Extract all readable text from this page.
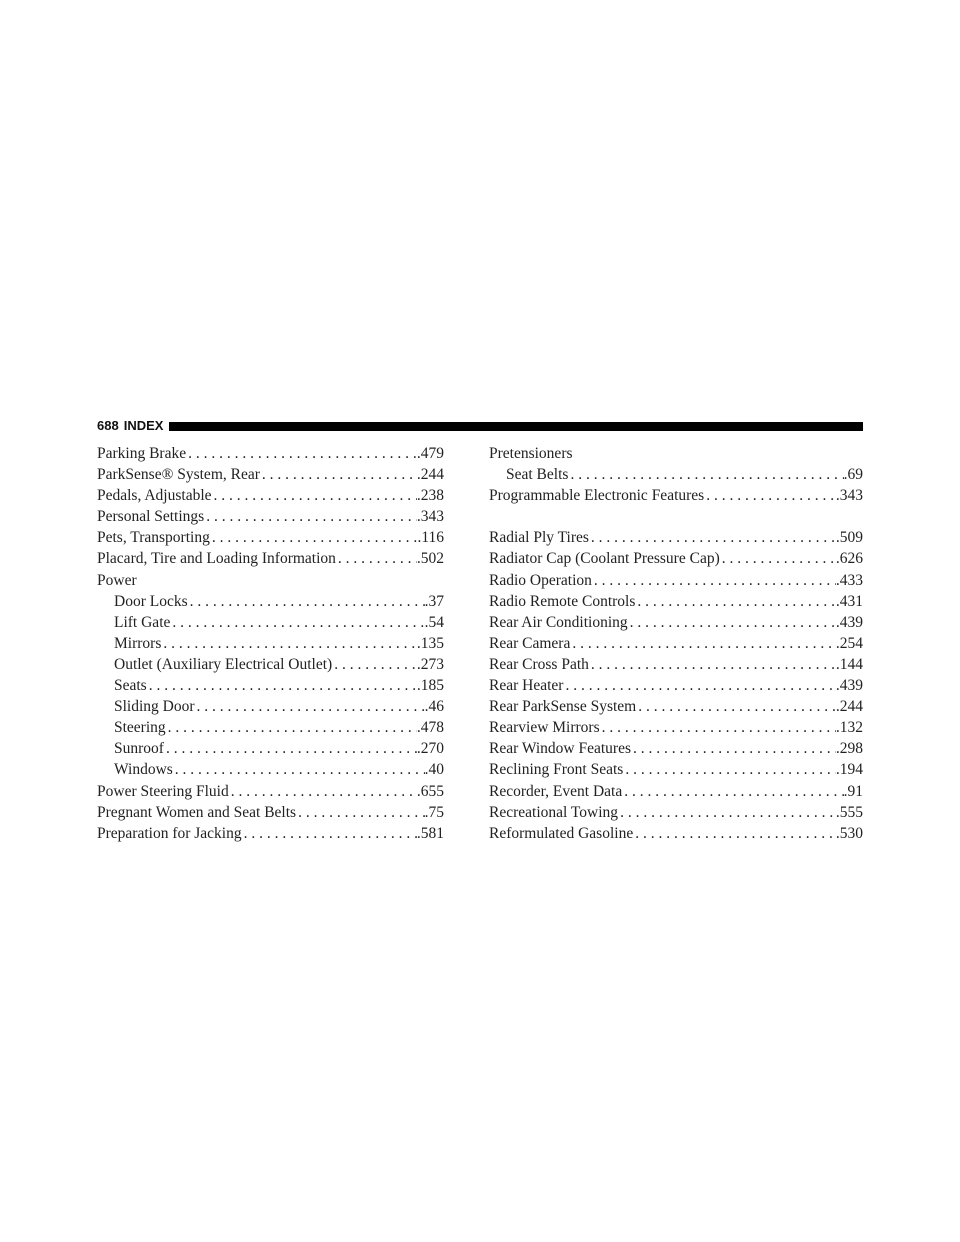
688 INDEX
Parking Brake . . .	.479
ParkSense® System, Rear . . .	.244
Pedals, Adjustable . . .	.238
Personal Settings . . .	.343
Pets, Transporting . . .	.116
Placard, Tire and Loading Information . . .	.502
Power
Door Locks . . .	.37
Lift Gate . . .	.54
Mirrors . . .	.135
Outlet (Auxiliary Electrical Outlet) . . .	.273
Seats . . .	.185
Sliding Door . . .	.46
Steering . . .	.478
Sunroof . . .	.270
Windows . . .	.40
Power Steering Fluid . . .	.655
Pregnant Women and Seat Belts . . .	.75
Preparation for Jacking . . .	.581
Pretensioners
Seat Belts . . .	.69
Programmable Electronic Features . . .	.343
Radial Ply Tires . . .	.509
Radiator Cap (Coolant Pressure Cap) . . .	.626
Radio Operation . . .	.433
Radio Remote Controls . . .	.431
Rear Air Conditioning . . .	.439
Rear Camera . . .	.254
Rear Cross Path . . .	.144
Rear Heater . . .	.439
Rear ParkSense System . . .	.244
Rearview Mirrors . . .	.132
Rear Window Features . . .	.298
Reclining Front Seats . . .	.194
Recorder, Event Data . . .	.91
Recreational Towing . . .	.555
Reformulated Gasoline . . .	.530
